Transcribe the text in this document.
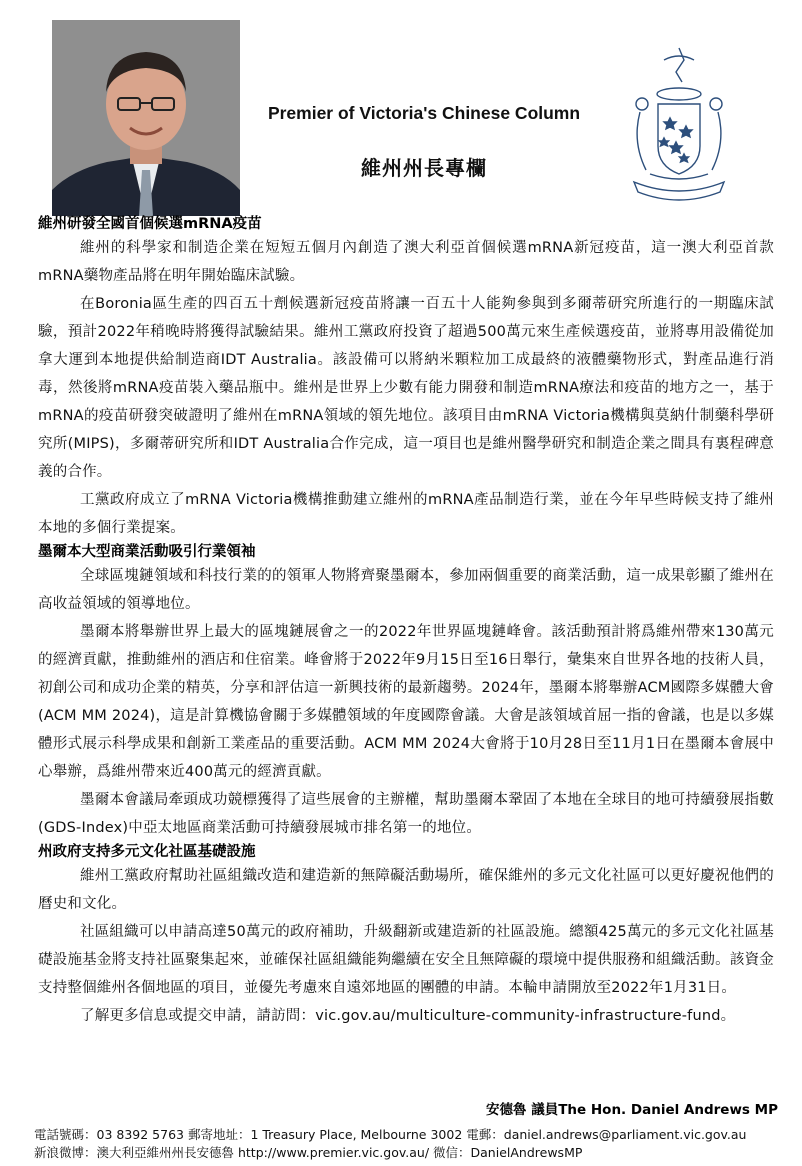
Premier of Victoria's Chinese Column
維州州長專欄

維州研發全國首個候選mRNA疫苗

維州的科學家和制造企業在短短五個月內創造了澳大利亞首個候選mRNA新冠疫苗，這一澳大利亞首款mRNA藥物產品將在明年開始臨床試驗。

在Boronia區生產的四百五十劑候選新冠疫苗將讓一百五十人能夠參與到多爾蒂研究所進行的一期臨床試驗，預計2022年稍晚時將獲得試驗結果。維州工黨政府投資了超過500萬元來生產候選疫苗，並將專用設備從加拿大運到本地提供給制造商IDT Australia。該設備可以將納米顆粒加工成最終的液體藥物形式，對產品進行消毒，然後將mRNA疫苗裝入藥品瓶中。維州是世界上少數有能力開發和制造mRNA療法和疫苗的地方之一，基于mRNA的疫苗研發突破證明了維州在mRNA領域的領先地位。該項目由mRNA Victoria機構與莫納什制藥科學研究所(MIPS)，多爾蒂研究所和IDT Australia合作完成，這一項目也是維州醫學研究和制造企業之間具有裏程碑意義的合作。

工黨政府成立了mRNA Victoria機構推動建立維州的mRNA產品制造行業，並在今年早些時候支持了維州本地的多個行業提案。

墨爾本大型商業活動吸引行業領袖

全球區塊鏈領域和科技行業的的領軍人物將齊聚墨爾本，參加兩個重要的商業活動，這一成果彰顯了維州在高收益領域的領導地位。

墨爾本將舉辦世界上最大的區塊鏈展會之一的2022年世界區塊鏈峰會。該活動預計將爲維州帶來130萬元的經濟貢獻，推動維州的酒店和住宿業。峰會將于2022年9月15日至16日舉行，彙集來自世界各地的技術人員，初創公司和成功企業的精英，分享和評估這一新興技術的最新趨勢。2024年，墨爾本將舉辦ACM國際多媒體大會(ACM MM 2024)，這是計算機協會關于多媒體領域的年度國際會議。大會是該領域首屈一指的會議，也是以多媒體形式展示科學成果和創新工業產品的重要活動。ACM MM 2024大會將于10月28日至11月1日在墨爾本會展中心舉辦，爲維州帶來近400萬元的經濟貢獻。

墨爾本會議局牽頭成功競標獲得了這些展會的主辦權，幫助墨爾本鞏固了本地在全球目的地可持續發展指數(GDS-Index)中亞太地區商業活動可持續發展城市排名第一的地位。

州政府支持多元文化社區基礎設施

維州工黨政府幫助社區組織改造和建造新的無障礙活動場所，確保維州的多元文化社區可以更好慶祝他們的曆史和文化。

社區組織可以申請高達50萬元的政府補助，升級翻新或建造新的社區設施。總額425萬元的多元文化社區基礎設施基金將支持社區聚集起來，並確保社區組織能夠繼續在安全且無障礙的環境中提供服務和組織活動。該資金支持整個維州各個地區的項目，並優先考慮來自遠郊地區的團體的申請。本輪申請開放至2022年1月31日。

了解更多信息或提交申請，請訪問：vic.gov.au/multiculture-community-infrastructure-fund。

安德魯 議員The Hon. Daniel Andrews MP
電話號碼：03 8392 5763 郵寄地址：1 Treasury Place, Melbourne 3002 電郵：daniel.andrews@parliament.vic.gov.au
新浪微博：澳大利亞維州州長安德魯 http://www.premier.vic.gov.au/ 微信：DanielAndrewsMP
